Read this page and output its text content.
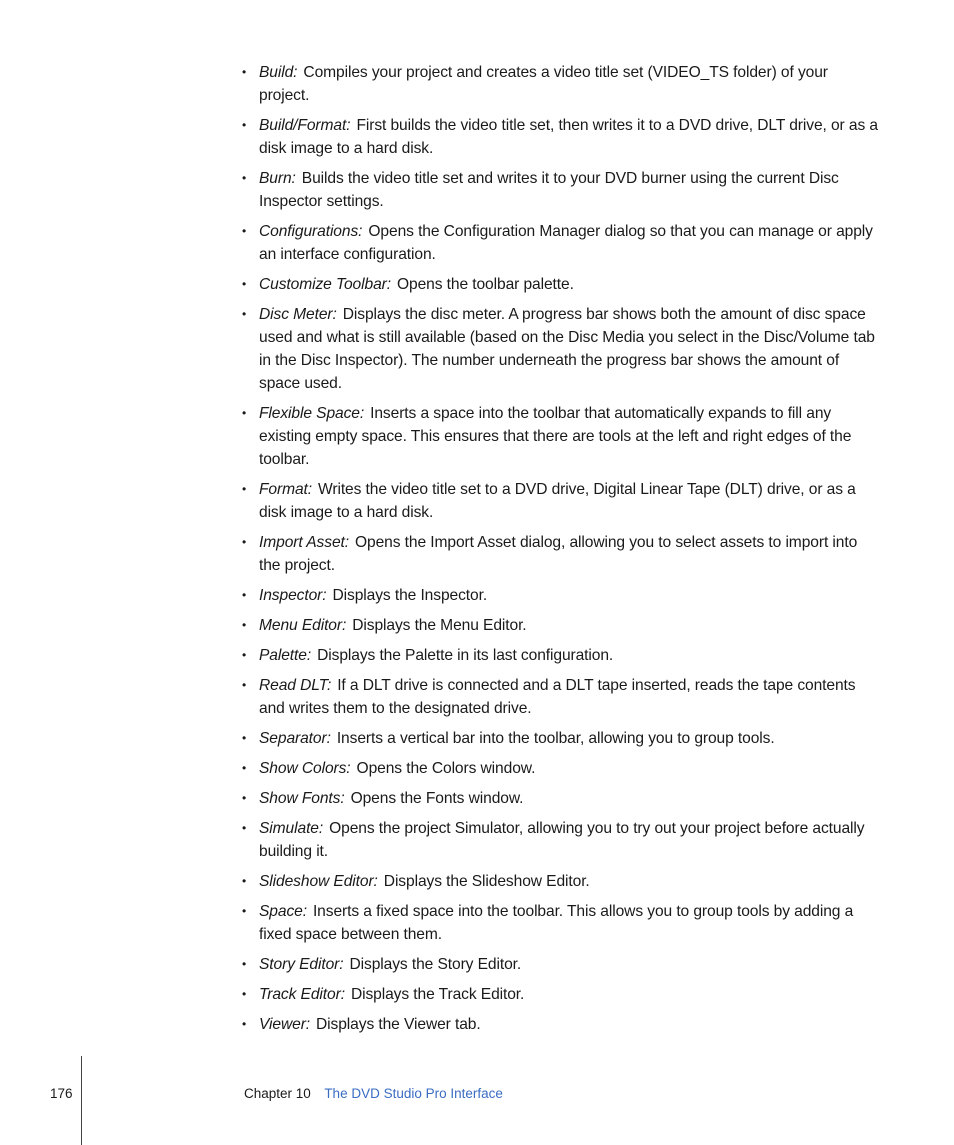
• Build: Compiles your project and creates a video title set (VIDEO_TS folder) of your project.
• Build/Format: First builds the video title set, then writes it to a DVD drive, DLT drive, or as a disk image to a hard disk.
• Burn: Builds the video title set and writes it to your DVD burner using the current Disc Inspector settings.
• Configurations: Opens the Configuration Manager dialog so that you can manage or apply an interface configuration.
• Customize Toolbar: Opens the toolbar palette.
• Disc Meter: Displays the disc meter. A progress bar shows both the amount of disc space used and what is still available (based on the Disc Media you select in the Disc/Volume tab in the Disc Inspector). The number underneath the progress bar shows the amount of space used.
• Flexible Space: Inserts a space into the toolbar that automatically expands to fill any existing empty space. This ensures that there are tools at the left and right edges of the toolbar.
• Format: Writes the video title set to a DVD drive, Digital Linear Tape (DLT) drive, or as a disk image to a hard disk.
• Import Asset: Opens the Import Asset dialog, allowing you to select assets to import into the project.
• Inspector: Displays the Inspector.
• Menu Editor: Displays the Menu Editor.
• Palette: Displays the Palette in its last configuration.
• Read DLT: If a DLT drive is connected and a DLT tape inserted, reads the tape contents and writes them to the designated drive.
• Separator: Inserts a vertical bar into the toolbar, allowing you to group tools.
• Show Colors: Opens the Colors window.
• Show Fonts: Opens the Fonts window.
• Simulate: Opens the project Simulator, allowing you to try out your project before actually building it.
• Slideshow Editor: Displays the Slideshow Editor.
• Space: Inserts a fixed space into the toolbar. This allows you to group tools by adding a fixed space between them.
• Story Editor: Displays the Story Editor.
• Track Editor: Displays the Track Editor.
• Viewer: Displays the Viewer tab.
176	Chapter 10 The DVD Studio Pro Interface
